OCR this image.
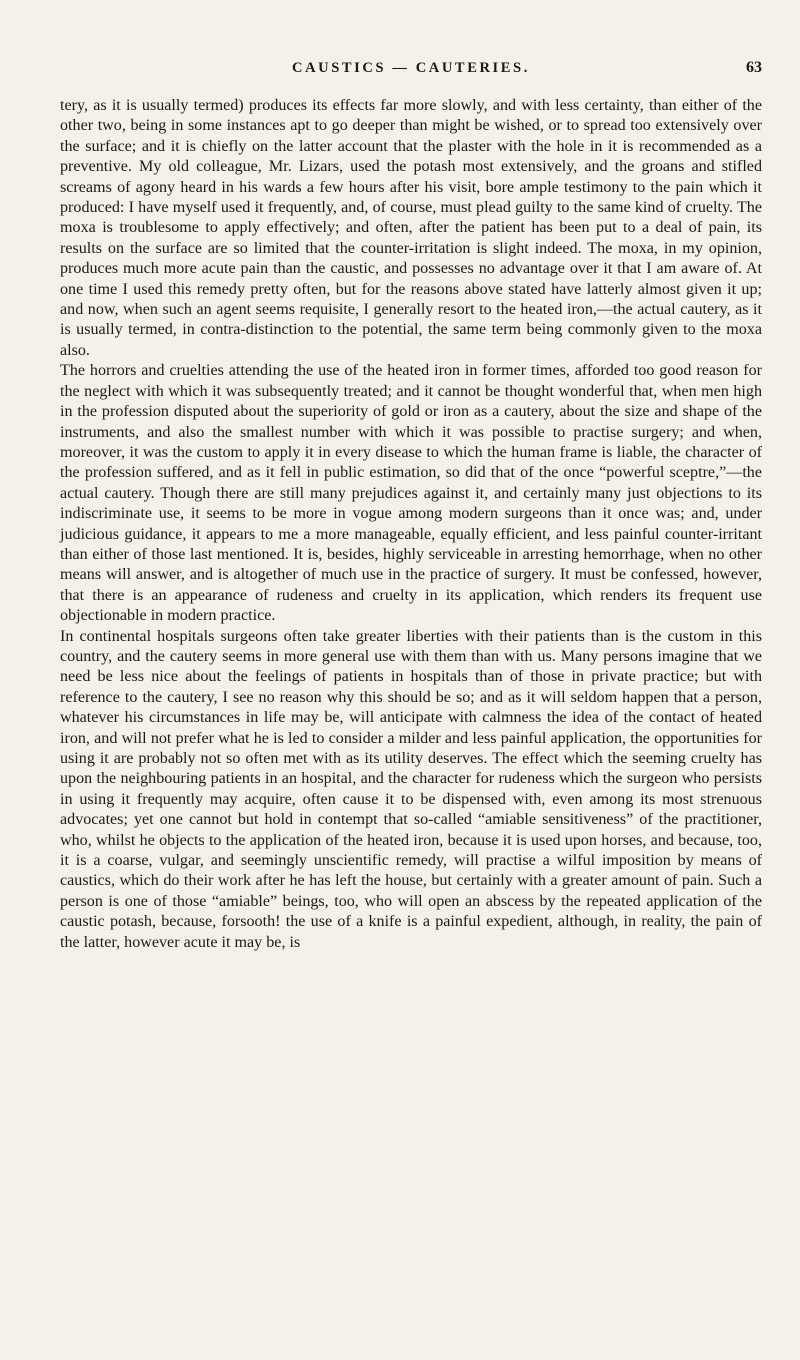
CAUSTICS — CAUTERIES.	63

tery, as it is usually termed) produces its effects far more slowly, and with less certainty, than either of the other two, being in some instances apt to go deeper than might be wished, or to spread too extensively over the surface; and it is chiefly on the latter account that the plaster with the hole in it is recommended as a preventive. My old colleague, Mr. Lizars, used the potash most extensively, and the groans and stifled screams of agony heard in his wards a few hours after his visit, bore ample testimony to the pain which it produced: I have myself used it frequently, and, of course, must plead guilty to the same kind of cruelty. The moxa is troublesome to apply effectively; and often, after the patient has been put to a deal of pain, its results on the surface are so limited that the counter-irritation is slight indeed. The moxa, in my opinion, produces much more acute pain than the caustic, and possesses no advantage over it that I am aware of. At one time I used this remedy pretty often, but for the reasons above stated have latterly almost given it up; and now, when such an agent seems requisite, I generally resort to the heated iron,—the actual cautery, as it is usually termed, in contra-distinction to the potential, the same term being commonly given to the moxa also.

The horrors and cruelties attending the use of the heated iron in former times, afforded too good reason for the neglect with which it was subsequently treated; and it cannot be thought wonderful that, when men high in the profession disputed about the superiority of gold or iron as a cautery, about the size and shape of the instruments, and also the smallest number with which it was possible to practise surgery; and when, moreover, it was the custom to apply it in every disease to which the human frame is liable, the character of the profession suffered, and as it fell in public estimation, so did that of the once “powerful sceptre,”—the actual cautery. Though there are still many prejudices against it, and certainly many just objections to its indiscriminate use, it seems to be more in vogue among modern surgeons than it once was; and, under judicious guidance, it appears to me a more manageable, equally efficient, and less painful counter-irritant than either of those last mentioned. It is, besides, highly serviceable in arresting hemorrhage, when no other means will answer, and is altogether of much use in the practice of surgery. It must be confessed, however, that there is an appearance of rudeness and cruelty in its application, which renders its frequent use objectionable in modern practice.

In continental hospitals surgeons often take greater liberties with their patients than is the custom in this country, and the cautery seems in more general use with them than with us. Many persons imagine that we need be less nice about the feelings of patients in hospitals than of those in private practice; but with reference to the cautery, I see no reason why this should be so; and as it will seldom happen that a person, whatever his circumstances in life may be, will anticipate with calmness the idea of the contact of heated iron, and will not prefer what he is led to consider a milder and less painful application, the opportunities for using it are probably not so often met with as its utility deserves. The effect which the seeming cruelty has upon the neighbouring patients in an hospital, and the character for rudeness which the surgeon who persists in using it frequently may acquire, often cause it to be dispensed with, even among its most strenuous advocates; yet one cannot but hold in contempt that so-called “amiable sensitiveness” of the practitioner, who, whilst he objects to the application of the heated iron, because it is used upon horses, and because, too, it is a coarse, vulgar, and seemingly unscientific remedy, will practise a wilful imposition by means of caustics, which do their work after he has left the house, but certainly with a greater amount of pain. Such a person is one of those “amiable” beings, too, who will open an abscess by the repeated application of the caustic potash, because, forsooth! the use of a knife is a painful expedient, although, in reality, the pain of the latter, however acute it may be, is
